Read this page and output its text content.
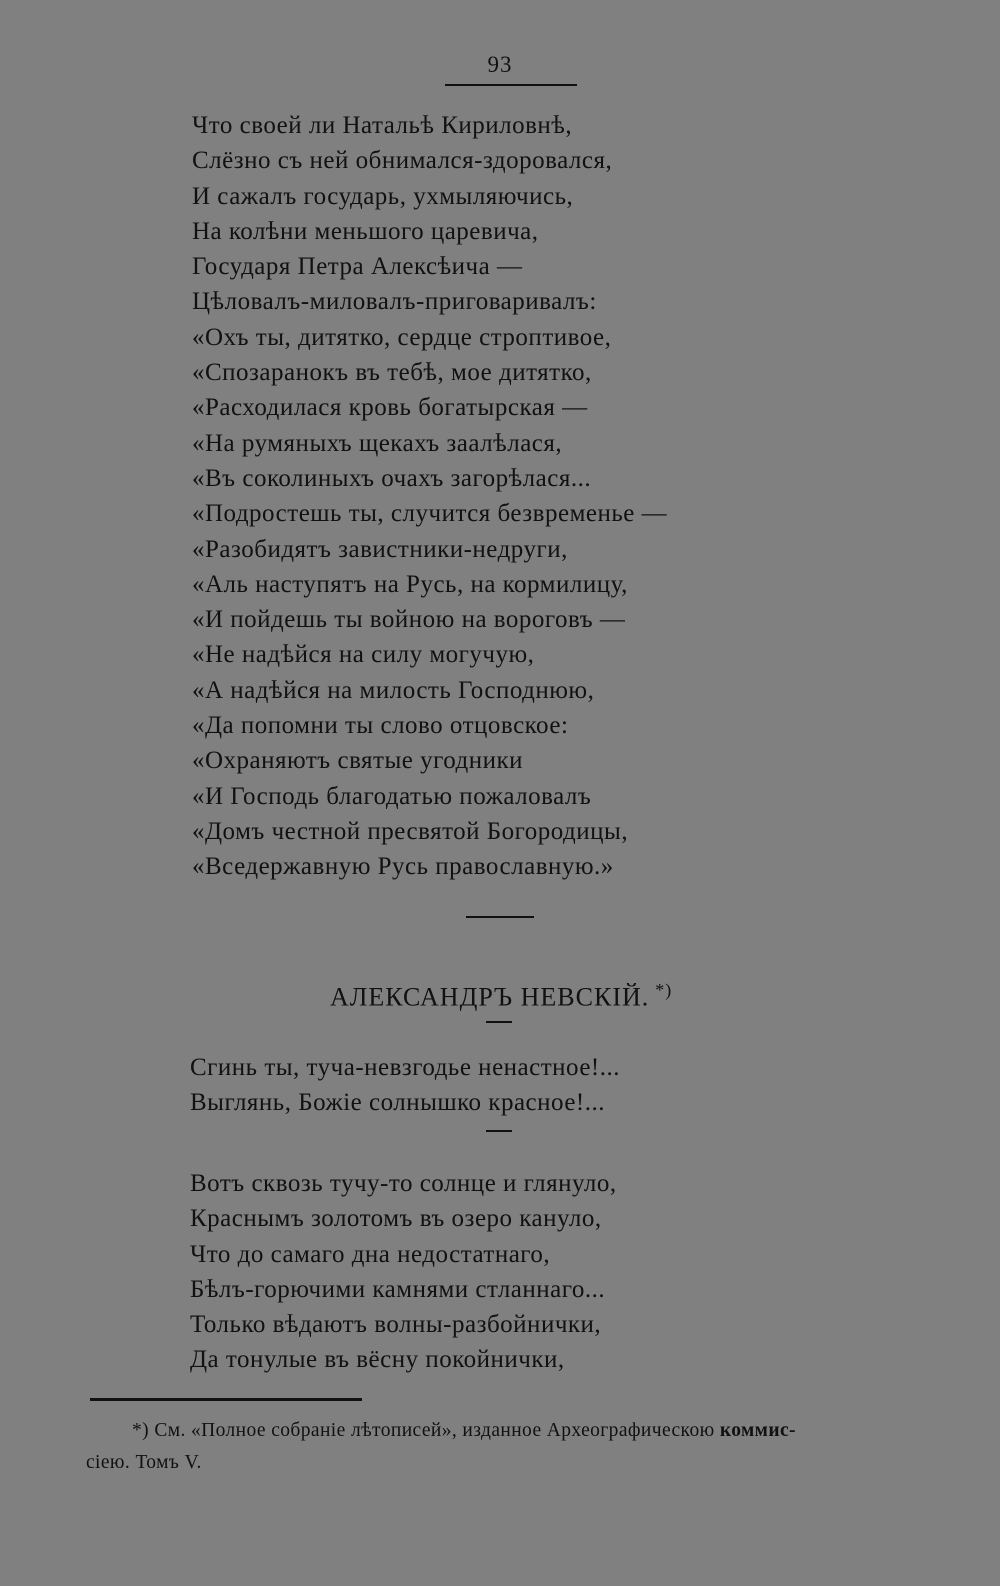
93
Что своей ли Натальѣ Кириловнѣ,
Слёзно съ ней обнимался-здоровался,
И сажалъ государь, ухмыляючись,
На колѣни меньшого царевича,
Государя Петра Алексѣича —
Цѣловалъ-миловалъ-приговаривалъ:
«Охъ ты, дитятко, сердце строптивое,
«Спозаранокъ въ тебѣ, мое дитятко,
«Расходилася кровь богатырская —
«На румяныхъ щекахъ заалѣлася,
«Въ соколиныхъ очахъ загорѣлася...
«Подростешь ты, случится безвременье —
«Разобидятъ завистники-недруги,
«Аль наступятъ на Русь, на кормилицу,
«И пойдешь ты войною на вороговъ —
«Не надѣйся на силу могучую,
«А надѣйся на милость Господнюю,
«Да попомни ты слово отцовское:
«Охраняютъ святые угодники
«И Господь благодатью пожаловалъ
«Домъ честной пресвятой Богородицы,
«Вседержавную Русь православную.»
АЛЕКСАНДРЪ НЕВСКІЙ. *)
Сгинь ты, туча-невзгодье ненастное!...
Выглянь, Божіе солнышко красное!...
Вотъ сквозь тучу-то солнце и глянуло,
Краснымъ золотомъ въ озеро кануло,
Что до самаго дна недостатнаго,
Бѣлъ-горючими камнями стланнаго...
Только вѣдаютъ волны-разбойнички,
Да тонулые въ вёсну покойнички,
*) См. «Полное собраніе лѣтописей», изданное Археографическою коммис-
сіею. Томъ V.
